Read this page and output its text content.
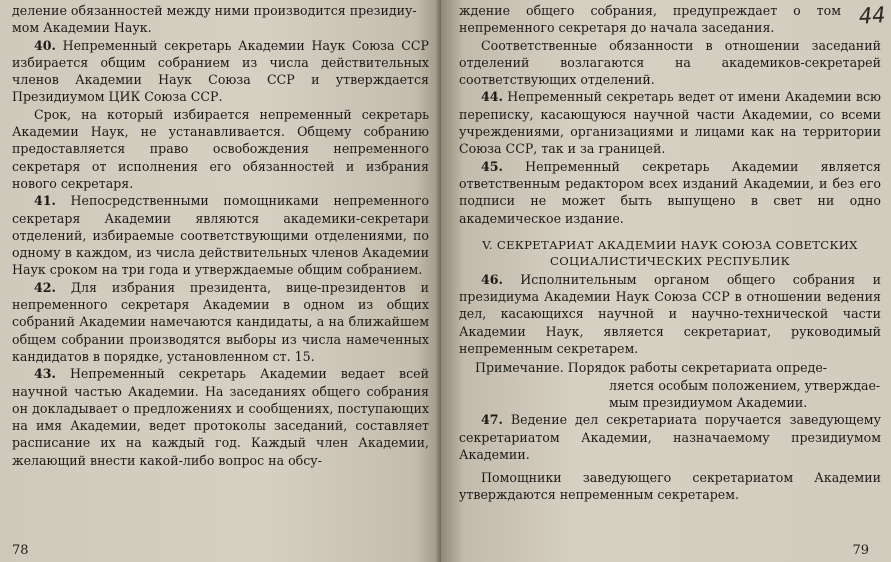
деление обязанностей между ними производится президиу-

мом Академии Наук.

40. Непременный секретарь Академии Наук Союза ССР избирается общим собранием из числа действительных членов Академии Наук Союза ССР и утверждается Президиумом ЦИК Союза ССР.

Срок, на который избирается непременный секретарь Академии Наук, не устанавливается. Общему собранию предоставляется право освобождения непременного секретаря от исполнения его обязанностей и избрания нового секретаря.

41. Непосредственными помощниками непременного секретаря Академии являются академики-секретари отделений, избираемые соответствующими отделениями, по одному в каждом, из числа действительных членов Академии Наук сроком на три года и утверждаемые общим собранием.

42. Для избрания президента, вице-президентов и непременного секретаря Академии в одном из общих собраний Академии намечаются кандидаты, а на ближайшем общем собрании производятся выборы из числа намеченных кандидатов в порядке, установленном ст. 15.

43. Непременный секретарь Академии ведает всей научной частью Академии. На заседаниях общего собрания он докладывает о предложениях и сообщениях, поступающих на имя Академии, ведет протоколы заседаний, составляет расписание их на каждый год. Каждый член Академии, желающий внести какой-либо вопрос на обсу-

78
44

ждение общего собрания, предупреждает о том непременного секретаря до начала заседания.

Соответственные обязанности в отношении заседаний отделений возлагаются на академиков-секретарей соответствующих отделений.

44. Непременный секретарь ведет от имени Академии всю переписку, касающуюся научной части Академии, со всеми учреждениями, организациями и лицами как на территории Союза ССР, так и за границей.

45. Непременный секретарь Академии является ответственным редактором всех изданий Академии, и без его подписи не может быть выпущено в свет ни одно академическое издание.

V. СЕКРЕТАРИАТ АКАДЕМИИ НАУК СОЮЗА СОВЕТСКИХ
СОЦИАЛИСТИЧЕСКИХ РЕСПУБЛИК

46. Исполнительным органом общего собрания и президиума Академии Наук Союза ССР в отношении ведения дел, касающихся научной и научно-технической части Академии Наук, является секретариат, руководимый непременным секретарем.

Примечание. Порядок работы секретариата опреде-

ляется особым положением, утверждае-

мым президиумом Академии.

47. Ведение дел секретариата поручается заведующему секретариатом Академии, назначаемому президиумом Академии.

Помощники заведующего секретариатом Академии утверждаются непременным секретарем.

79
